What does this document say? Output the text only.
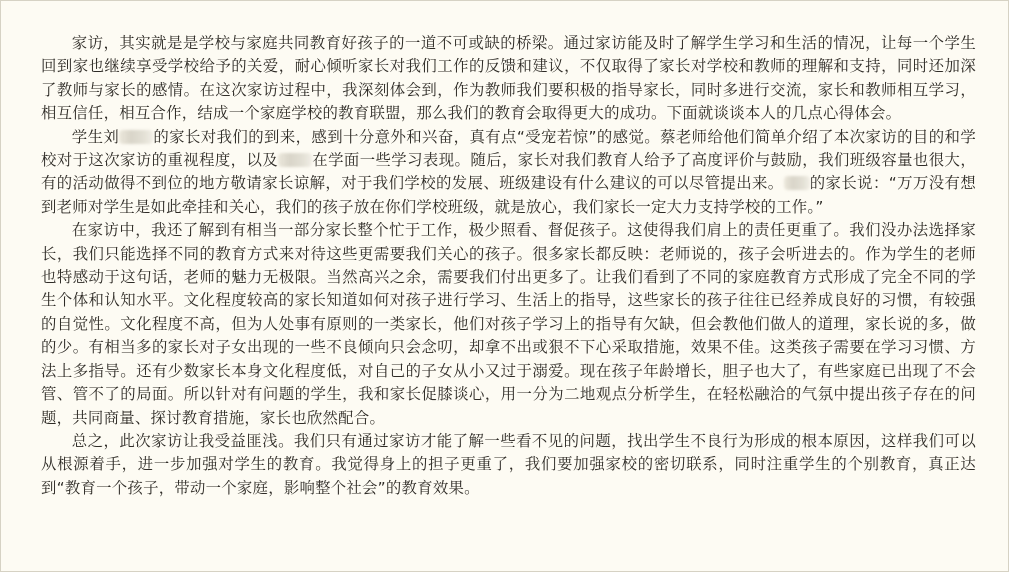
家访，其实就是是学校与家庭共同教育好孩子的一道不可或缺的桥梁。通过家访能及时了解学生学习和生活的情况，让每一个学生回到家也继续享受学校给予的关爱，耐心倾听家长对我们工作的反馈和建议，不仅取得了家长对学校和教师的理解和支持，同时还加深了教师与家长的感情。在这次家访过程中，我深刻体会到，作为教师我们要积极的指导家长，同时多进行交流，家长和教师相互学习，相互信任，相互合作，结成一个家庭学校的教育联盟，那么我们的教育会取得更大的成功。下面就谈谈本人的几点心得体会。

学生刘 的家长对我们的到来，感到十分意外和兴奋，真有点“受宠若惊”的感觉。蔡老师给他们简单介绍了本次家访的目的和学校对于这次家访的重视程度，以及 在学面一些学习表现。随后，家长对我们教育人给予了高度评价与鼓励，我们班级容量也很大，有的活动做得不到位的地方敬请家长谅解，对于我们学校的发展、班级建设有什么建议的可以尽管提出来。 的家长说：“万万没有想到老师对学生是如此牵挂和关心，我们的孩子放在你们学校班级，就是放心，我们家长一定大力支持学校的工作。”

在家访中，我还了解到有相当一部分家长整个忙于工作，极少照看、督促孩子。这使得我们肩上的责任更重了。我们没办法选择家长，我们只能选择不同的教育方式来对待这些更需要我们关心的孩子。很多家长都反映：老师说的，孩子会听进去的。作为学生的老师也特感动于这句话，老师的魅力无极限。当然高兴之余，需要我们付出更多了。让我们看到了不同的家庭教育方式形成了完全不同的学生个体和认知水平。文化程度较高的家长知道如何对孩子进行学习、生活上的指导，这些家长的孩子往往已经养成良好的习惯，有较强的自觉性。文化程度不高，但为人处事有原则的一类家长，他们对孩子学习上的指导有欠缺，但会教他们做人的道理，家长说的多，做的少。有相当多的家长对子女出现的一些不良倾向只会念叨，却拿不出或狠不下心采取措施，效果不佳。这类孩子需要在学习习惯、方法上多指导。还有少数家长本身文化程度低，对自己的子女从小又过于溺爱。现在孩子年龄增长，胆子也大了，有些家庭已出现了不会管、管不了的局面。所以针对有问题的学生，我和家长促膝谈心，用一分为二地观点分析学生，在轻松融洽的气氛中提出孩子存在的问题，共同商量、探讨教育措施，家长也欣然配合。

总之，此次家访让我受益匪浅。我们只有通过家访才能了解一些看不见的问题，找出学生不良行为形成的根本原因，这样我们可以从根源着手，进一步加强对学生的教育。我觉得身上的担子更重了，我们要加强家校的密切联系，同时注重学生的个别教育，真正达到“教育一个孩子，带动一个家庭，影响整个社会”的教育效果。
